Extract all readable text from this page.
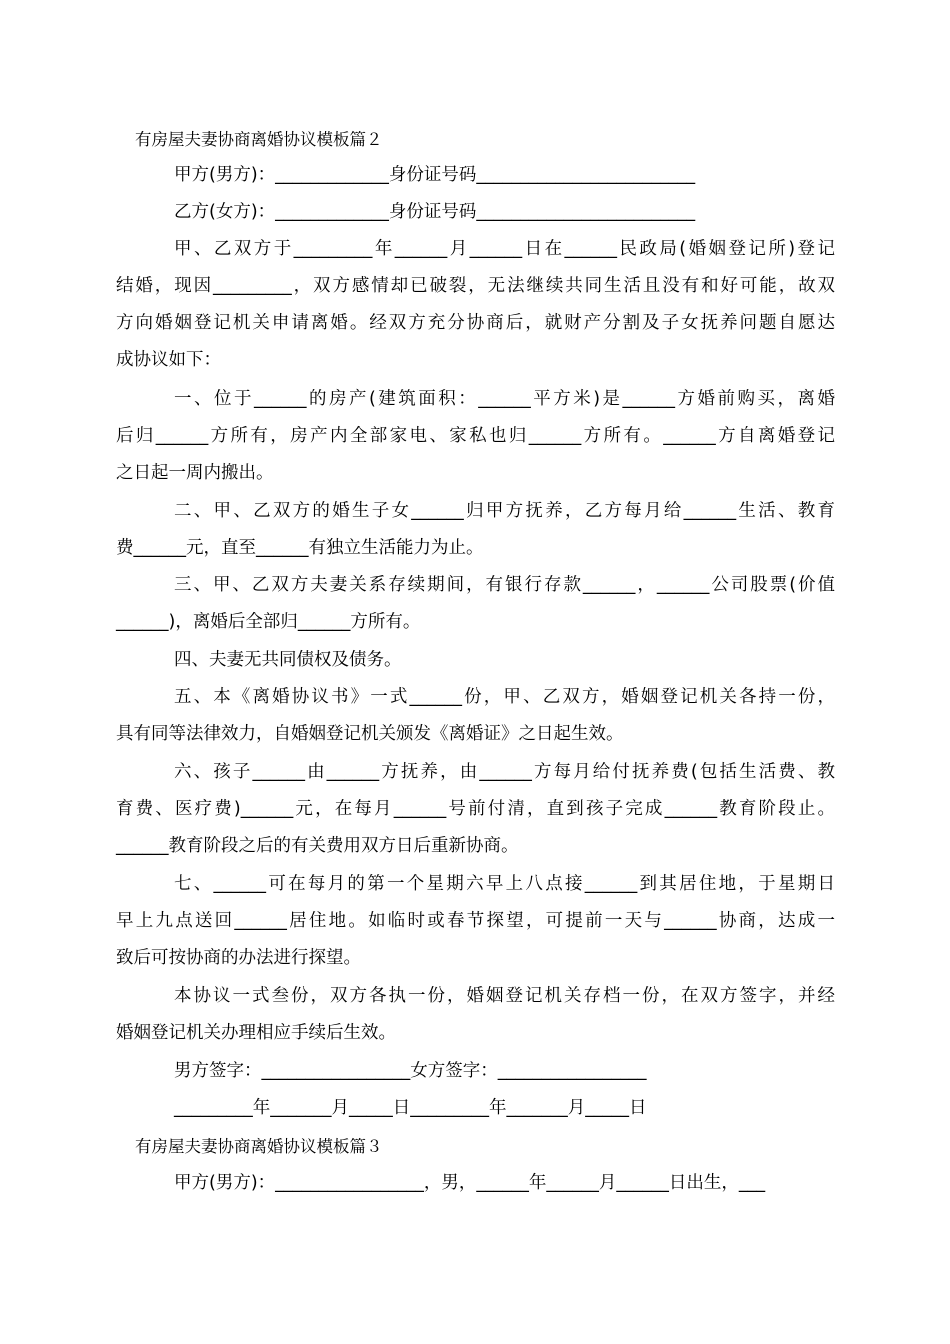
有房屋夫妻协商离婚协议模板篇２
甲方(男方)：_____________身份证号码_________________________
乙方(女方)：_____________身份证号码_________________________
甲、乙双方于_________年______月______日在______民政局(婚姻登记所)登记
结婚，现因_________，双方感情却已破裂，无法继续共同生活且没有和好可能，故双
方向婚姻登记机关申请离婚。经双方充分协商后，就财产分割及子女抚养问题自愿达
成协议如下：
一、位于______的房产(建筑面积：______平方米)是______方婚前购买，离婚
后归______方所有，房产内全部家电、家私也归______方所有。______方自离婚登记
之日起一周内搬出。
二、甲、乙双方的婚生子女______归甲方抚养，乙方每月给______生活、教育
费______元，直至______有独立生活能力为止。
三、甲、乙双方夫妻关系存续期间，有银行存款______，______公司股票(价值
______)，离婚后全部归______方所有。
四、夫妻无共同债权及债务。
五、本《离婚协议书》一式______份，甲、乙双方，婚姻登记机关各持一份，
具有同等法律效力，自婚姻登记机关颁发《离婚证》之日起生效。
六、孩子______由______方抚养，由______方每月给付抚养费(包括生活费、教
育费、医疗费)______元，在每月______号前付清，直到孩子完成______教育阶段止。
______教育阶段之后的有关费用双方日后重新协商。
七、______可在每月的第一个星期六早上八点接______到其居住地，于星期日
早上九点送回______居住地。如临时或春节探望，可提前一天与______协商，达成一
致后可按协商的办法进行探望。
本协议一式叁份，双方各执一份，婚姻登记机关存档一份，在双方签字，并经
婚姻登记机关办理相应手续后生效。
男方签字：_________________女方签字：_________________
_________年_______月_____日_________年_______月_____日
有房屋夫妻协商离婚协议模板篇３
甲方(男方)：_________________，男，______年______月______日出生，___
